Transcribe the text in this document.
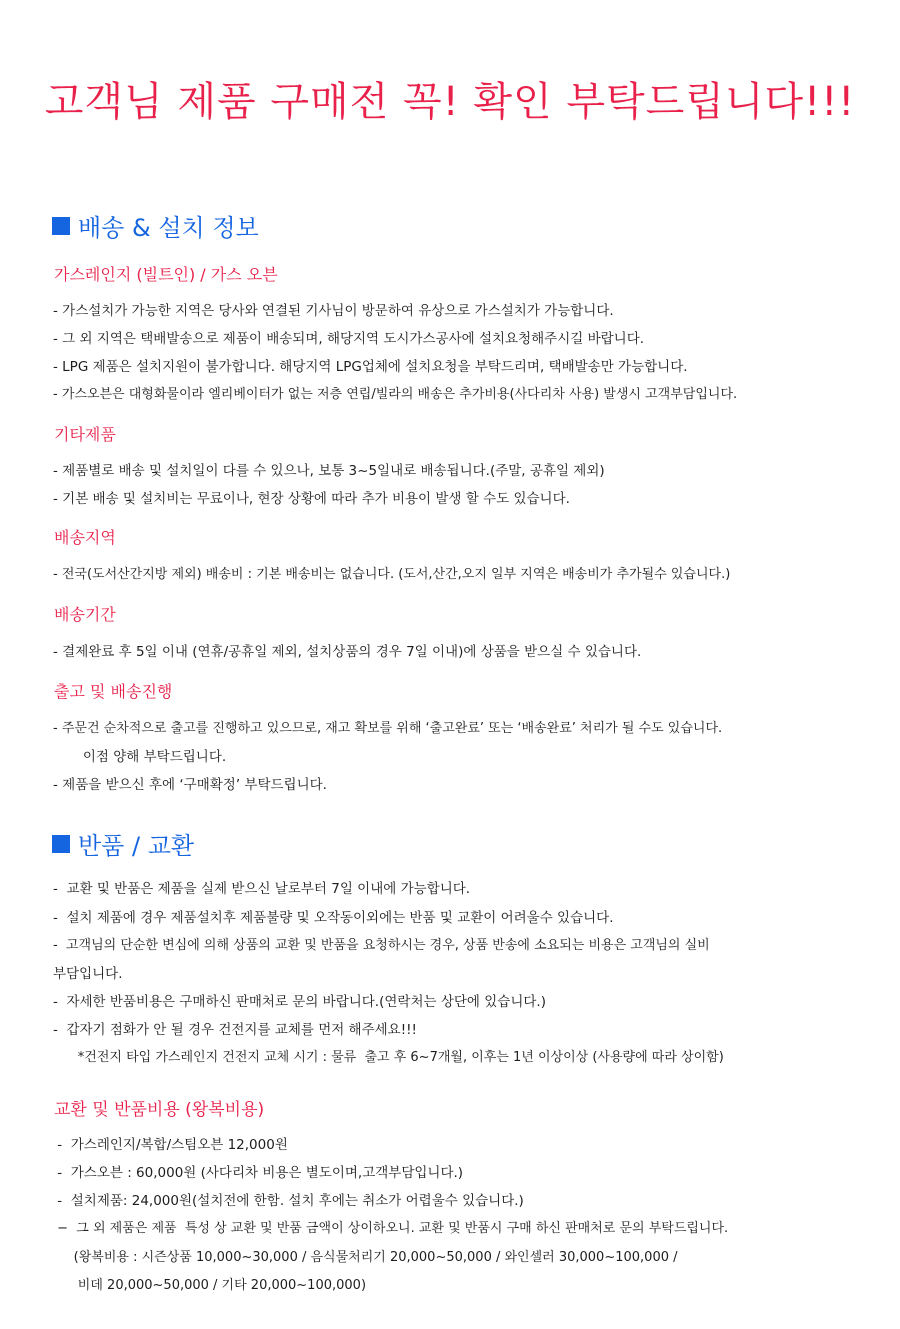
고객님 제품 구매전 꼭! 확인 부탁드립니다!!!
배송 & 설치 정보
가스레인지 (빌트인) / 가스 오븐
- 가스설치가 가능한 지역은 당사와 연결된 기사님이 방문하여 유상으로 가스설치가 가능합니다.
- 그 외 지역은 택배발송으로 제품이 배송되며, 해당지역 도시가스공사에 설치요청해주시길 바랍니다.
- LPG 제품은 설치지원이 불가합니다. 해당지역 LPG업체에 설치요청을 부탁드리며, 택배발송만 가능합니다.
- 가스오븐은 대형화물이라 엘리베이터가 없는 저층 연립/빌라의 배송은 추가비용(사다리차 사용) 발생시 고객부담입니다.
기타제품
- 제품별로 배송 및 설치일이 다를 수 있으나, 보통 3~5일내로 배송됩니다.(주말, 공휴일 제외)
- 기본 배송 및 설치비는 무료이나, 현장 상황에 따라 추가 비용이 발생 할 수도 있습니다.
배송지역
- 전국(도서산간지방 제외) 배송비 : 기본 배송비는 없습니다. (도서,산간,오지 일부 지역은 배송비가 추가될수 있습니다.)
배송기간
- 결제완료 후 5일 이내 (연휴/공휴일 제외, 설치상품의 경우 7일 이내)에 상품을 받으실 수 있습니다.
출고 및 배송진행
- 주문건 순차적으로 출고를 진행하고 있으므로, 재고 확보를 위해 ‘출고완료’ 또는 ‘배송완료’ 처리가 될 수도 있습니다.
이점 양해 부탁드립니다.
- 제품을 받으신 후에 ‘구매확정’ 부탁드립니다.
반품 / 교환
-  교환 및 반품은 제품을 실제 받으신 날로부터 7일 이내에 가능합니다.
-  설치 제품에 경우 제품설치후 제품불량 및 오작동이외에는 반품 및 교환이 어려울수 있습니다.
-  고객님의 단순한 변심에 의해 상품의 교환 및 반품을 요청하시는 경우, 상품 반송에 소요되는 비용은 고객님의 실비
부담입니다.
-  자세한 반품비용은 구매하신 판매처로 문의 바랍니다.(연락처는 상단에 있습니다.)
-  갑자기 점화가 안 될 경우 건전지를 교체를 먼저 해주세요!!!
*건전지 타입 가스레인지 건전지 교체 시기 : 물류  출고 후 6~7개월, 이후는 1년 이상이상 (사용량에 따라 상이함)
교환 및 반품비용 (왕복비용)
-  가스레인지/복합/스팀오븐 12,000원
-  가스오븐 : 60,000원 (사다리차 비용은 별도이며,고객부담입니다.)
-  설치제품: 24,000원(설치전에 한함. 설치 후에는 취소가 어렵울수 있습니다.)
−  그 외 제품은 제품  특성 상 교환 및 반품 금액이 상이하오니. 교환 및 반품시 구매 하신 판매처로 문의 부탁드립니다.
(왕복비용 : 시즌상품 10,000~30,000 / 음식물처리기 20,000~50,000 / 와인셀러 30,000~100,000 /
비데 20,000~50,000 / 기타 20,000~100,000)
